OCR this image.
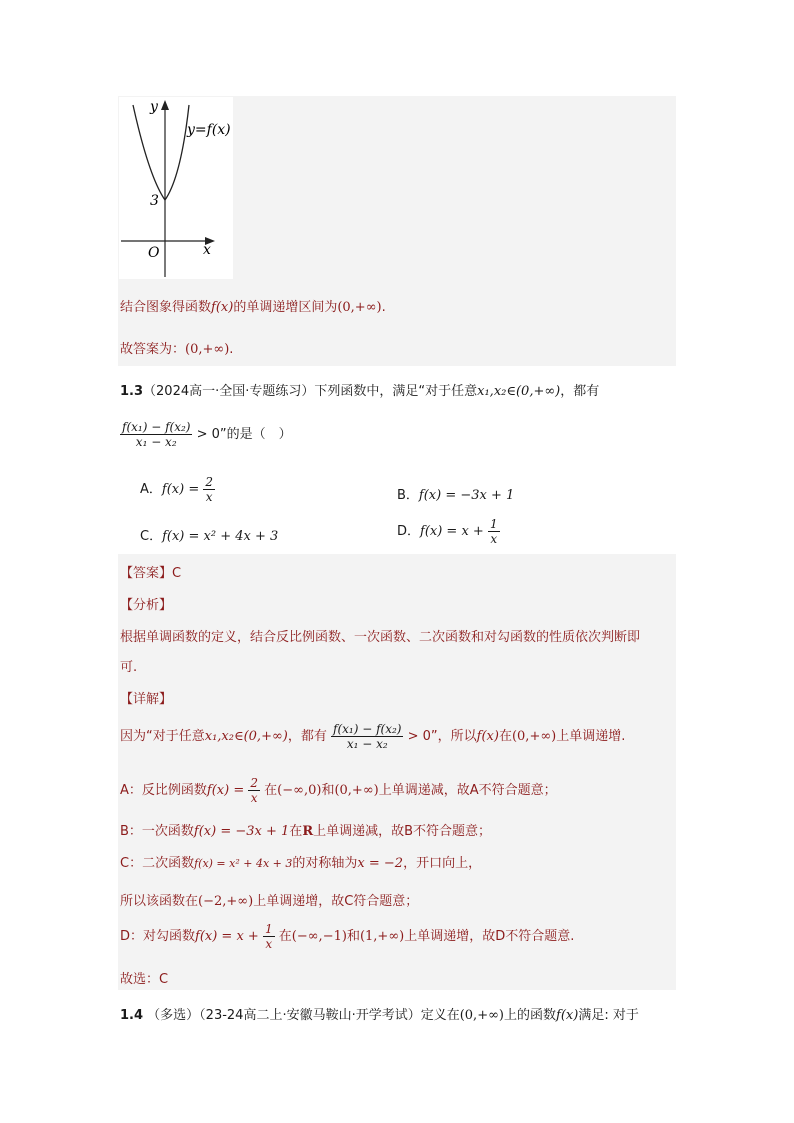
y
x
O
3
y=f(x)
结合图象得函数f(x)的单调递增区间为(0,+∞).
故答案为：(0,+∞).
1.3（2024高一·全国·专题练习）下列函数中，满足“对于任意x₁,x₂∈(0,+∞)，都有
$\frac{\text{f(x₁) − f(x₂)}}{\text{x₁ − x₂}} > 0$”的是（　）
A．$f(x) = \frac{2}{x}$	B．f(x) = −3x + 1
C．f(x) = x² + 4x + 3	D．$f(x) = x + \frac{1}{x}$
【答案】C
【分析】
根据单调函数的定义，结合反比例函数、一次函数、二次函数和对勾函数的性质依次判断即
可.
【详解】
因为“对于任意x₁,x₂∈(0,+∞)，都有 $\frac{\text{f(x₁) − f(x₂)}}{\text{x₁ − x₂}} > 0$”，所以f(x)在(0,+∞)上单调递增.
A：反比例函数$f(x) = \frac{2}{x}$ 在(−∞,0)和(0,+∞)上单调递减，故A不符合题意；
B：一次函数f(x) = −3x + 1在R上单调递减，故B不符合题意；
C：二次函数f(x) = x² + 4x + 3的对称轴为x = −2，开口向上，
所以该函数在(−2,+∞)上单调递增，故C符合题意；
D：对勾函数$f(x) = x + \frac{1}{x}$ 在(−∞,−1)和(1,+∞)上单调递增，故D不符合题意.
故选：C
1.4 （多选）（23-24高二上·安徽马鞍山·开学考试）定义在(0,+∞)上的函数f(x)满足: 对于
